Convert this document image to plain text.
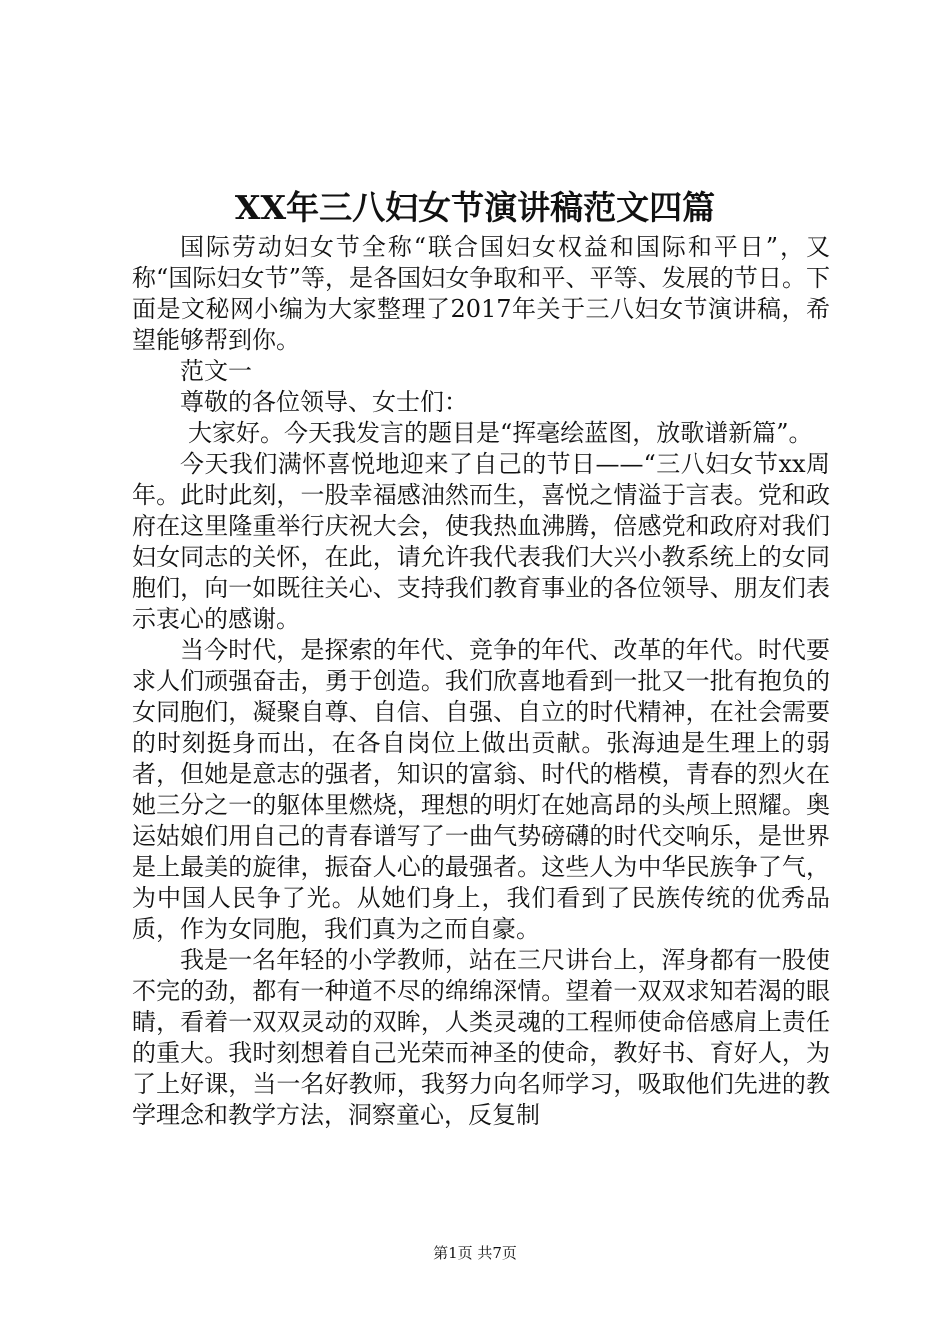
XX年三八妇女节演讲稿范文四篇

国际劳动妇女节全称“联合国妇女权益和国际和平日”，又称“国际妇女节”等，是各国妇女争取和平、平等、发展的节日。下面是文秘网小编为大家整理了2017年关于三八妇女节演讲稿，希望能够帮到你。

范文一

尊敬的各位领导、女士们：

大家好。今天我发言的题目是“挥毫绘蓝图，放歌谱新篇”。

今天我们满怀喜悦地迎来了自己的节日——“三八妇女节xx周年。此时此刻，一股幸福感油然而生，喜悦之情溢于言表。党和政府在这里隆重举行庆祝大会，使我热血沸腾，倍感党和政府对我们妇女同志的关怀，在此，请允许我代表我们大兴小教系统上的女同胞们，向一如既往关心、支持我们教育事业的各位领导、朋友们表示衷心的感谢。

当今时代，是探索的年代、竞争的年代、改革的年代。时代要求人们顽强奋击，勇于创造。我们欣喜地看到一批又一批有抱负的女同胞们，凝聚自尊、自信、自强、自立的时代精神，在社会需要的时刻挺身而出，在各自岗位上做出贡献。张海迪是生理上的弱者，但她是意志的强者，知识的富翁、时代的楷模，青春的烈火在她三分之一的躯体里燃烧，理想的明灯在她高昂的头颅上照耀。奥运姑娘们用自己的青春谱写了一曲气势磅礴的时代交响乐，是世界是上最美的旋律，振奋人心的最强者。这些人为中华民族争了气，为中国人民争了光。从她们身上，我们看到了民族传统的优秀品质，作为女同胞，我们真为之而自豪。

我是一名年轻的小学教师，站在三尺讲台上，浑身都有一股使不完的劲，都有一种道不尽的绵绵深情。望着一双双求知若渴的眼睛，看着一双双灵动的双眸，人类灵魂的工程师使命倍感肩上责任的重大。我时刻想着自己光荣而神圣的使命，教好书、育好人，为了上好课，当一名好教师，我努力向名师学习，吸取他们先进的教学理念和教学方法，洞察童心，反复制

第1页 共7页
